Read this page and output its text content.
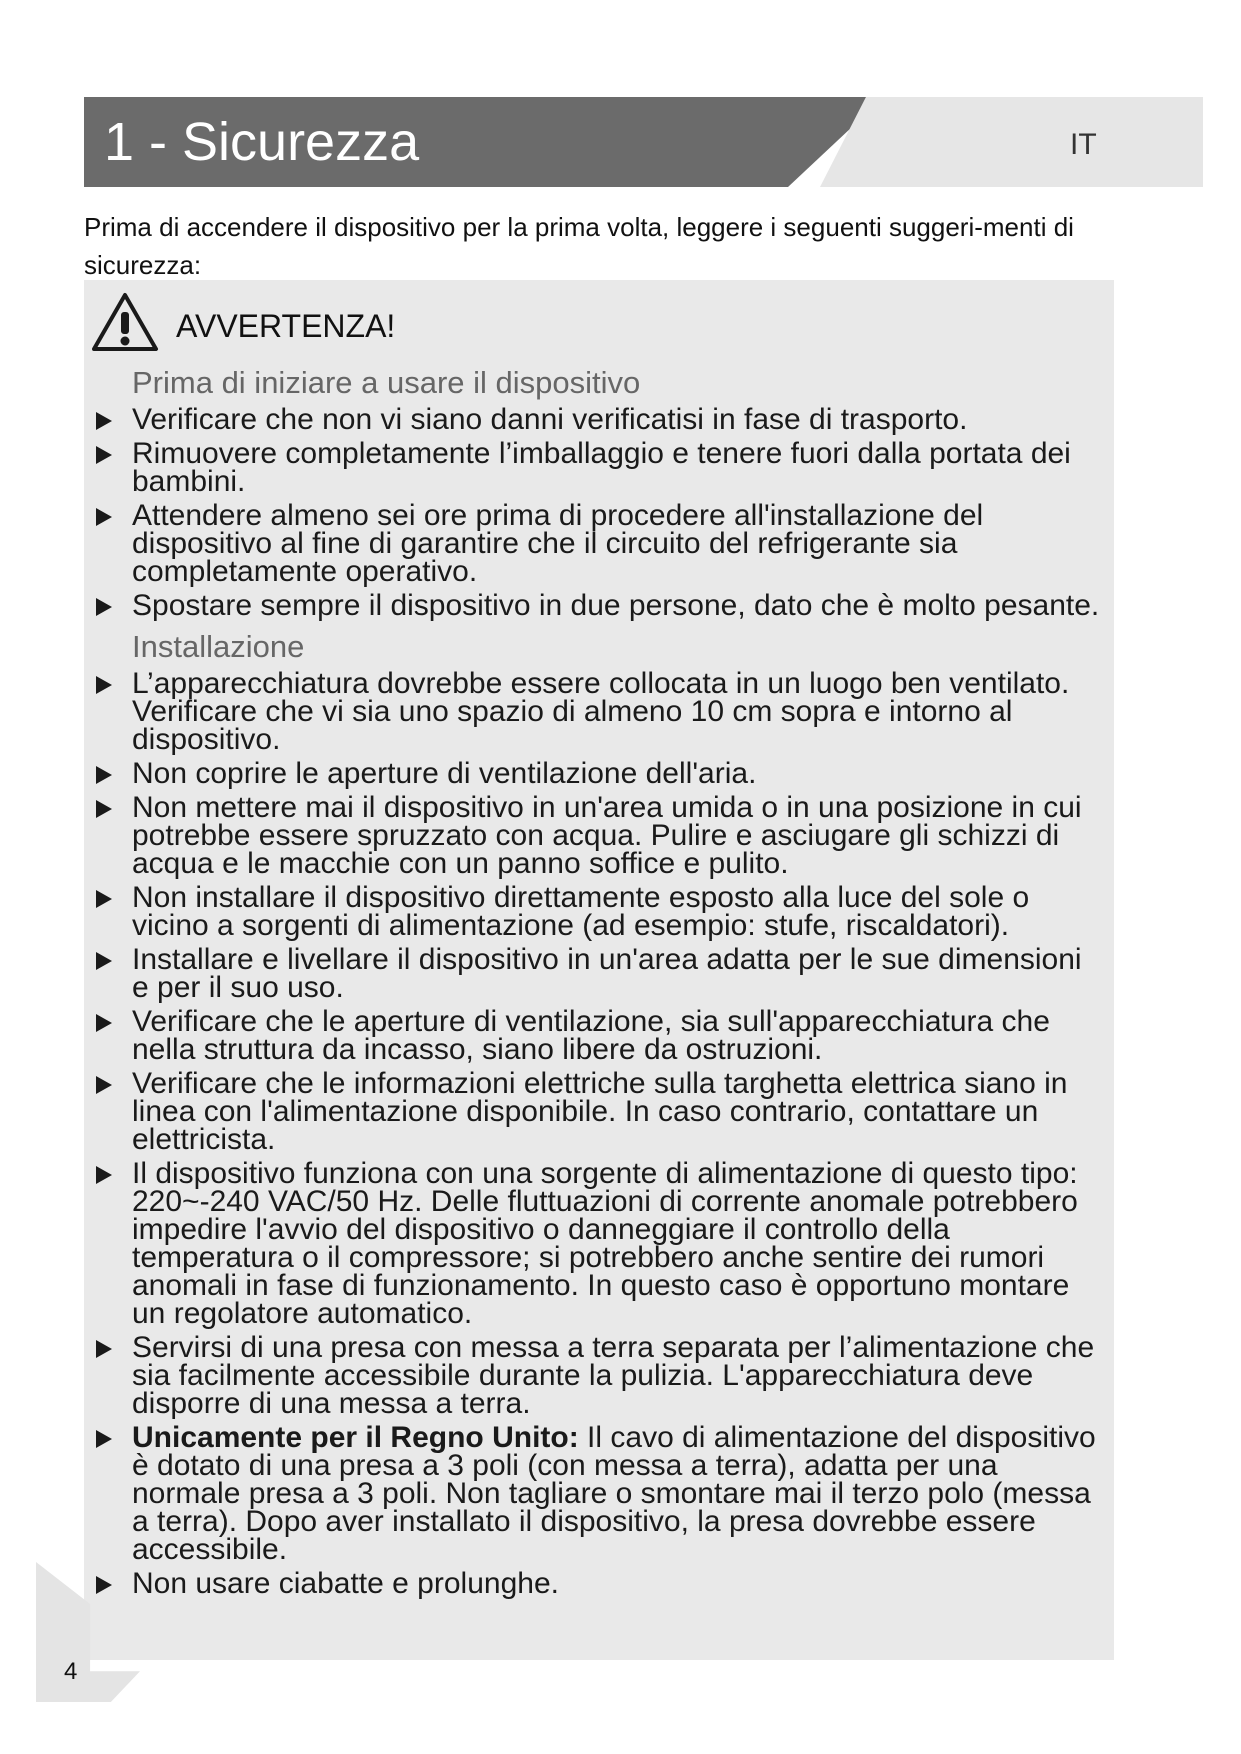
1 - Sicurezza	IT

Prima di accendere il dispositivo per la prima volta, leggere i seguenti suggeri-menti di sicurezza:

AVVERTENZA!
Prima di iniziare a usare il dispositivo
Verificare che non vi siano danni verificatisi in fase di trasporto.
Rimuovere completamente l’imballaggio e tenere fuori dalla portata dei bambini.
Attendere almeno sei ore prima di procedere all'installazione del dispositivo al fine di garantire che il circuito del refrigerante sia completamente operativo.
Spostare sempre il dispositivo in due persone, dato che è molto pesante.
Installazione
L’apparecchiatura dovrebbe essere collocata in un luogo ben ventilato. Verificare che vi sia uno spazio di almeno 10 cm sopra e intorno al dispositivo.
Non coprire le aperture di ventilazione dell'aria.
Non mettere mai il dispositivo in un'area umida o in una posizione in cui potrebbe essere spruzzato con acqua. Pulire e asciugare gli schizzi di acqua e le macchie con un panno soffice e pulito.
Non installare il dispositivo direttamente esposto alla luce del sole o vicino a sorgenti di alimentazione (ad esempio: stufe, riscaldatori).
Installare e livellare il dispositivo in un'area adatta per le sue dimensioni e per il suo uso.
Verificare che le aperture di ventilazione, sia sull'apparecchiatura che nella struttura da incasso, siano libere da ostruzioni.
Verificare che le informazioni elettriche sulla targhetta elettrica siano in linea con l'alimentazione disponibile. In caso contrario, contattare un elettricista.
Il dispositivo funziona con una sorgente di alimentazione di questo tipo: 220~-240 VAC/50 Hz. Delle fluttuazioni di corrente anomale potrebbero impedire l'avvio del dispositivo o danneggiare il controllo della temperatura o il compressore; si potrebbero anche sentire dei rumori anomali in fase di funzionamento. In questo caso è opportuno montare un regolatore automatico.
Servirsi di una presa con messa a terra separata per l’alimentazione che sia facilmente accessibile durante la pulizia. L'apparecchiatura deve disporre di una messa a terra.
Unicamente per il Regno Unito: Il cavo di alimentazione del dispositivo è dotato di una presa a 3 poli (con messa a terra), adatta per una normale presa a 3 poli. Non tagliare o smontare mai il terzo polo (messa a terra). Dopo aver installato il dispositivo, la presa dovrebbe essere accessibile.
Non usare ciabatte e prolunghe.
4
